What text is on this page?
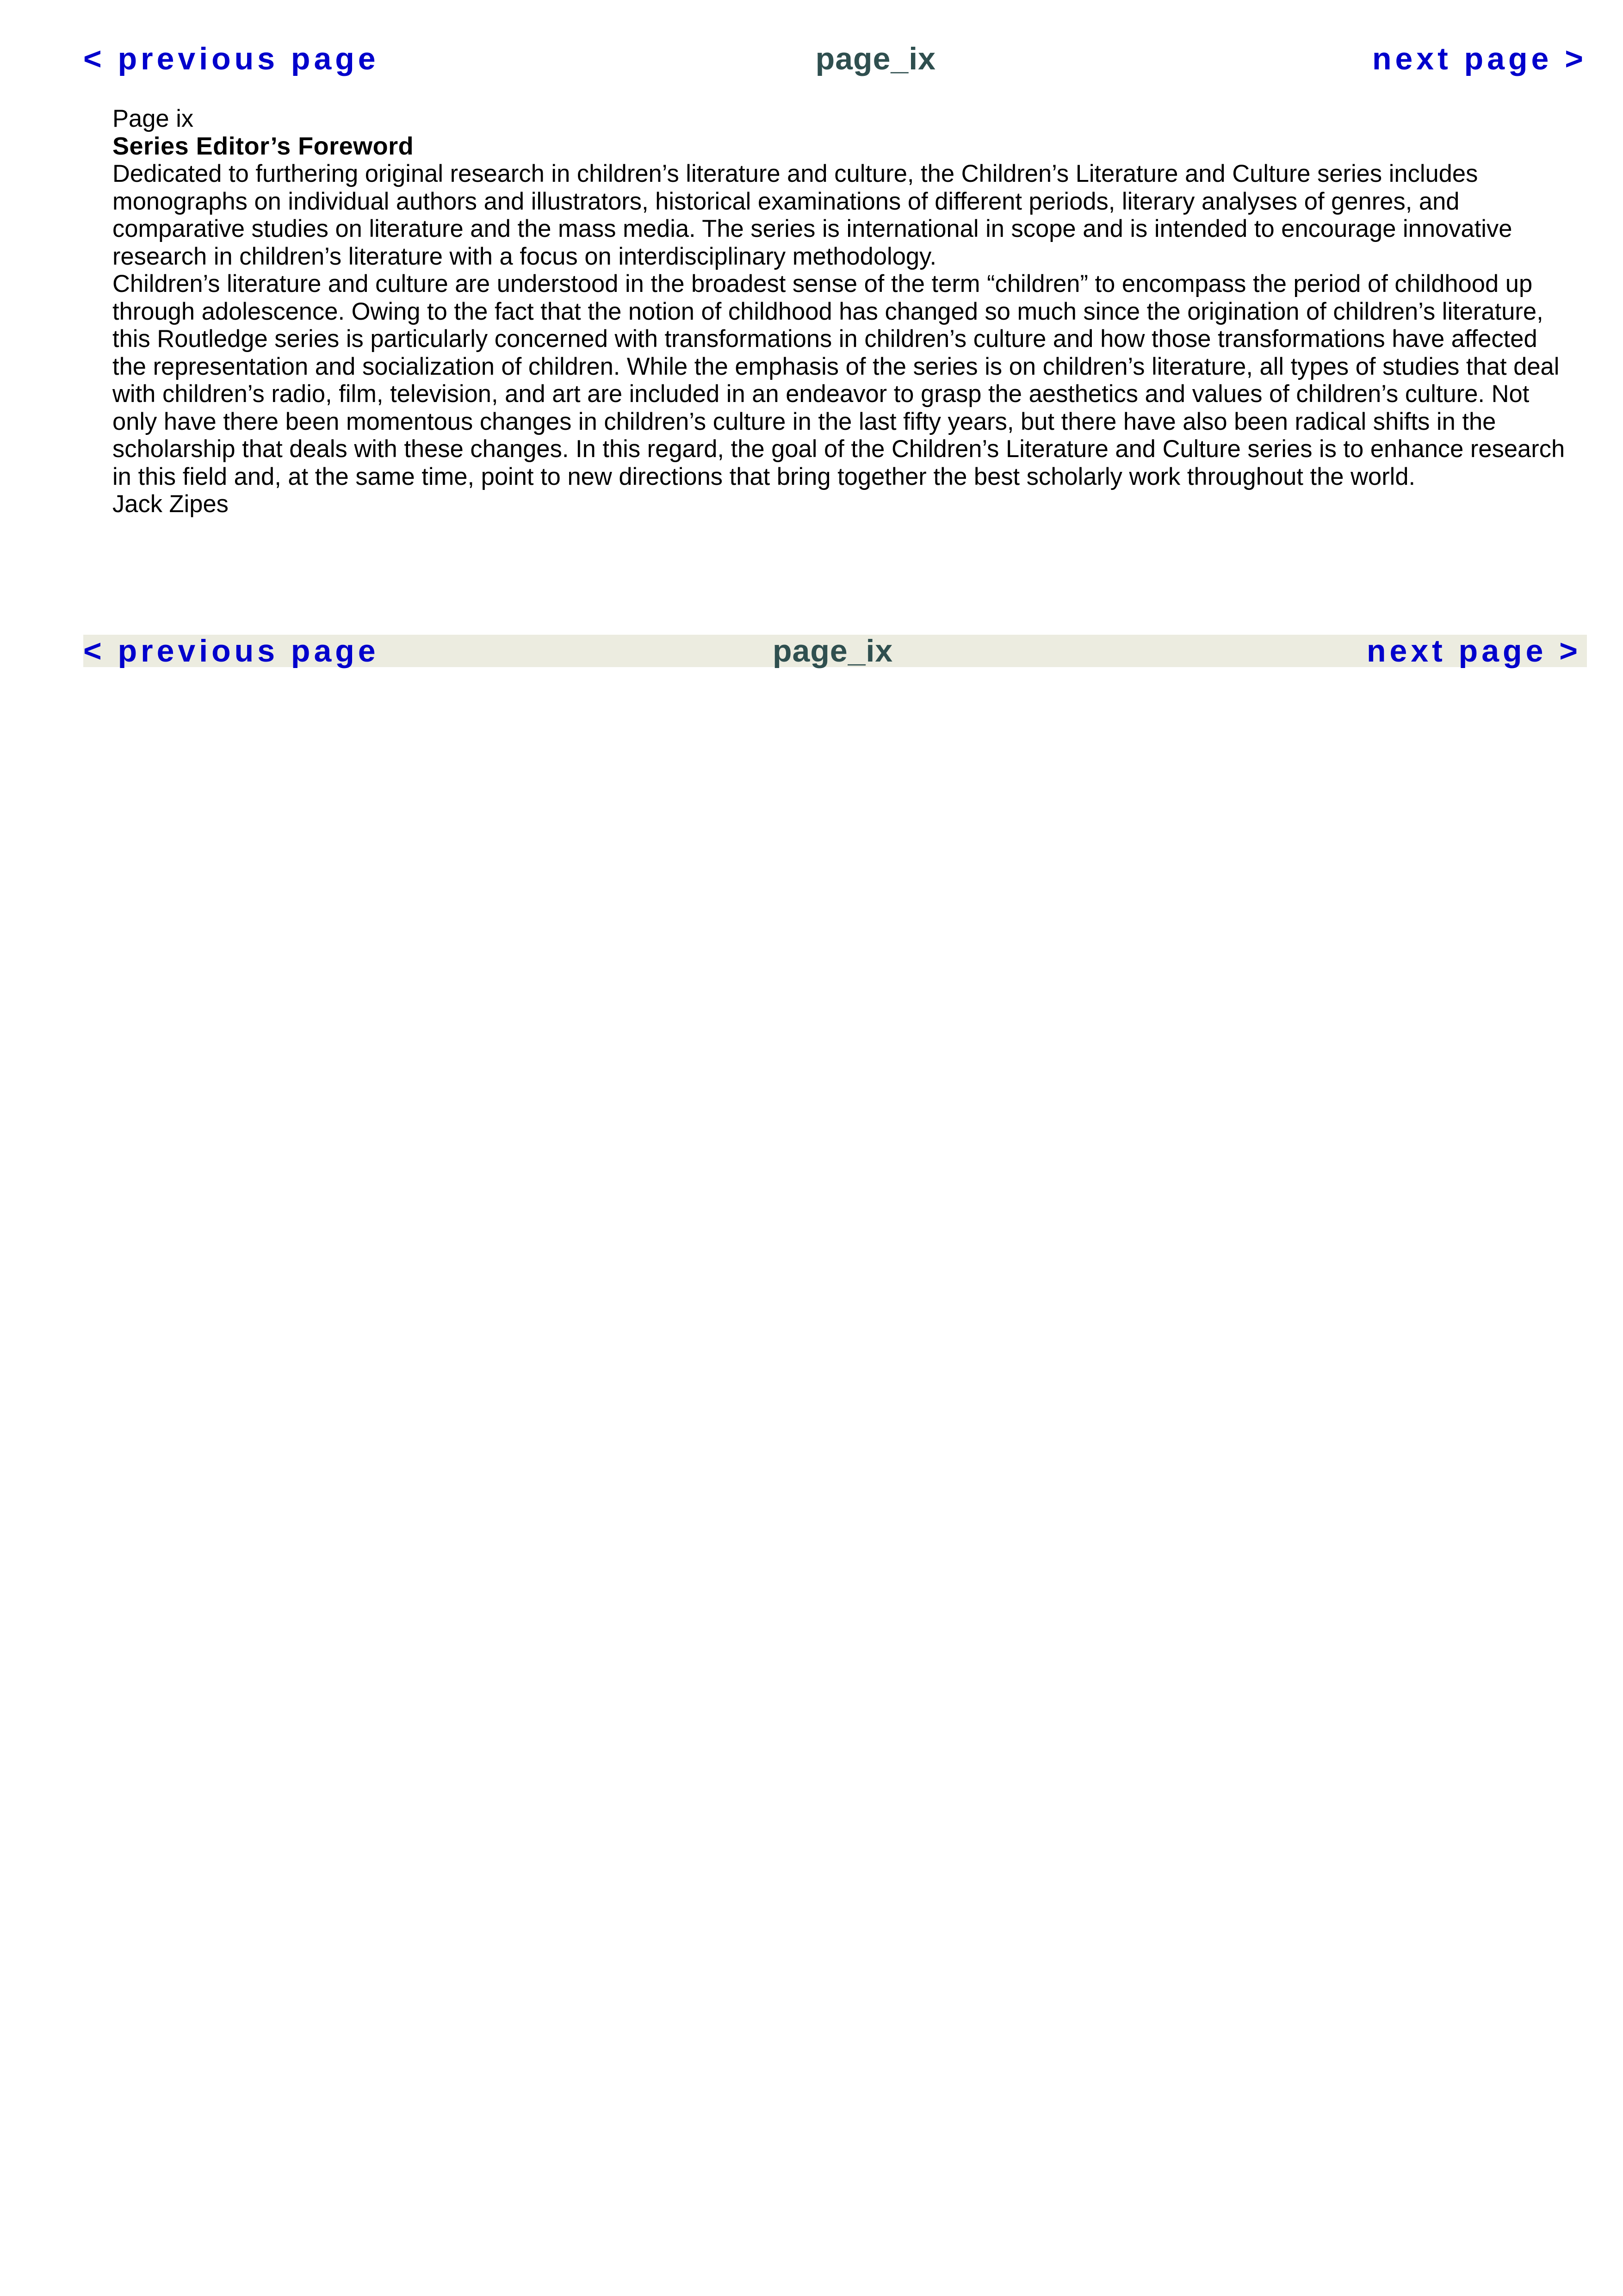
< previous page	page_ix	next page >
Page ix
Series Editor’s Foreword

Dedicated to furthering original research in children’s literature and culture, the Children’s Literature and Culture series includes monographs on individual authors and illustrators, historical examinations of different periods, literary analyses of genres, and comparative studies on literature and the mass media. The series is international in scope and is intended to encourage innovative research in children’s literature with a focus on interdisciplinary methodology.

Children’s literature and culture are understood in the broadest sense of the term “children” to encompass the period of childhood up through adolescence. Owing to the fact that the notion of childhood has changed so much since the origination of children’s literature, this Routledge series is particularly concerned with transformations in children’s culture and how those transformations have affected the representation and socialization of children. While the emphasis of the series is on children’s literature, all types of studies that deal with children’s radio, film, television, and art are included in an endeavor to grasp the aesthetics and values of children’s culture. Not only have there been momentous changes in children’s culture in the last fifty years, but there have also been radical shifts in the scholarship that deals with these changes. In this regard, the goal of the Children’s Literature and Culture series is to enhance research in this field and, at the same time, point to new directions that bring together the best scholarly work throughout the world.

Jack Zipes
< previous page	page_ix	next page >
